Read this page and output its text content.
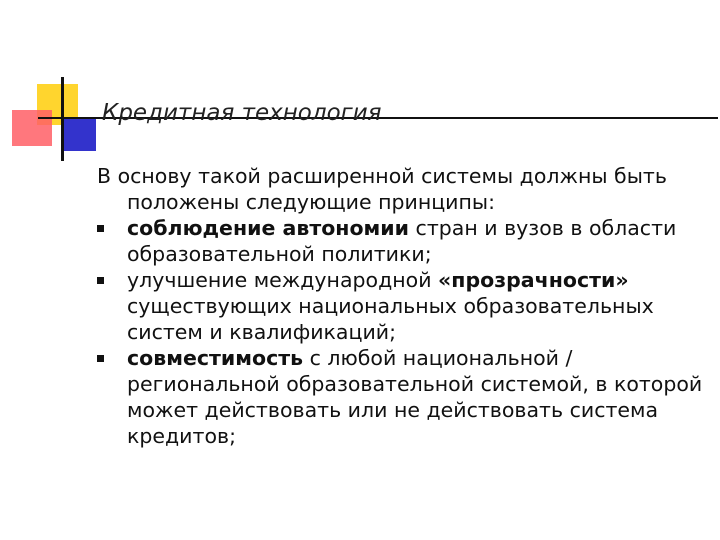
Кредитная технология

В основу такой расширенной системы должны быть положены следующие принципы:

соблюдение автономии стран и вузов в области образовательной политики;
улучшение международной «прозрачности» существующих национальных образовательных систем и квалификаций;
совместимость с любой национальной /региональной образовательной системой, в которой может действовать или не действовать система кредитов;
